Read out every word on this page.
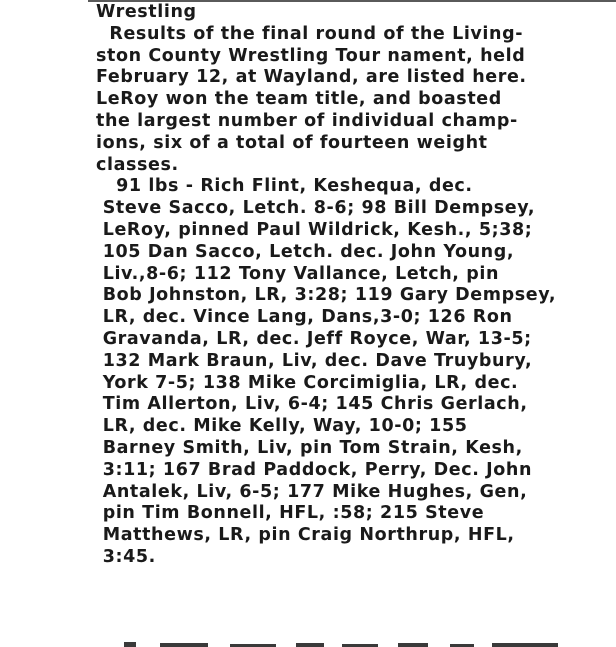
Wrestling
Results of the final round of the Living-
ston County Wrestling Tour nament, held
February 12, at Wayland, are listed here.
LeRoy won the team title, and boasted
the largest number of individual champ-
ions, six of a total of fourteen weight
classes.
91 lbs - Rich Flint, Keshequa, dec.
Steve Sacco, Letch. 8-6; 98 Bill Dempsey,
LeRoy, pinned Paul Wildrick, Kesh., 5;38;
105 Dan Sacco, Letch. dec. John Young,
Liv.,8-6; 112 Tony Vallance, Letch, pin
Bob Johnston, LR, 3:28; 119 Gary Dempsey,
LR, dec. Vince Lang, Dans,3-0; 126 Ron
Gravanda, LR, dec. Jeff Royce, War, 13-5;
132 Mark Braun, Liv, dec. Dave Truybury,
York 7-5; 138 Mike Corcimiglia, LR, dec.
Tim Allerton, Liv, 6-4; 145 Chris Gerlach,
LR, dec. Mike Kelly, Way, 10-0; 155
Barney Smith, Liv, pin Tom Strain, Kesh,
3:11; 167 Brad Paddock, Perry, Dec. John
Antalek, Liv, 6-5; 177 Mike Hughes, Gen,
pin Tim Bonnell, HFL, :58; 215 Steve
Matthews, LR, pin Craig Northrup, HFL,
3:45.
